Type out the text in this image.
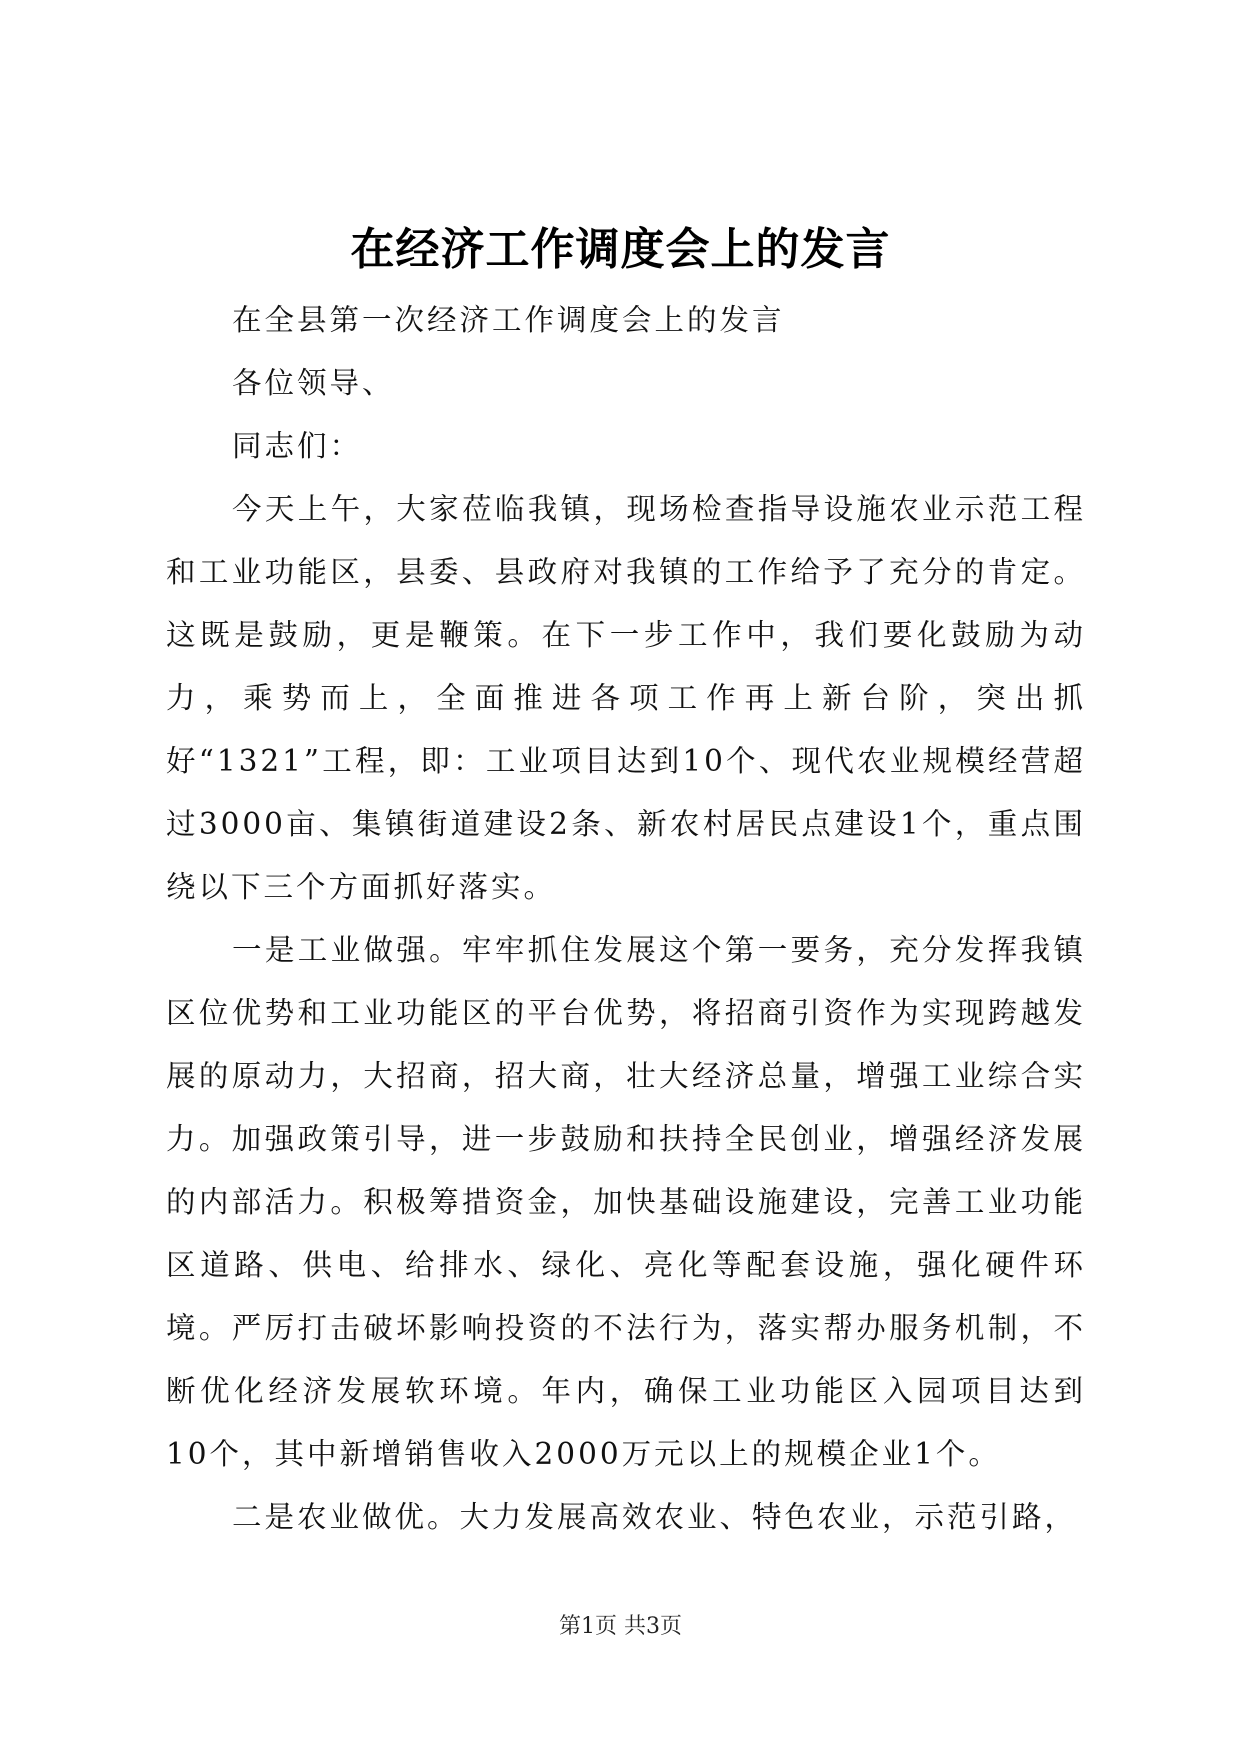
在经济工作调度会上的发言

在全县第一次经济工作调度会上的发言

各位领导、

同志们：

今天上午，大家莅临我镇，现场检查指导设施农业示范工程和工业功能区，县委、县政府对我镇的工作给予了充分的肯定。这既是鼓励，更是鞭策。在下一步工作中，我们要化鼓励为动力，乘势而上，全面推进各项工作再上新台阶，突出抓好“1321”工程，即：工业项目达到10个、现代农业规模经营超过3000亩、集镇街道建设2条、新农村居民点建设1个，重点围绕以下三个方面抓好落实。

一是工业做强。牢牢抓住发展这个第一要务，充分发挥我镇区位优势和工业功能区的平台优势，将招商引资作为实现跨越发展的原动力，大招商，招大商，壮大经济总量，增强工业综合实力。加强政策引导，进一步鼓励和扶持全民创业，增强经济发展的内部活力。积极筹措资金，加快基础设施建设，完善工业功能区道路、供电、给排水、绿化、亮化等配套设施，强化硬件环境。严厉打击破坏影响投资的不法行为，落实帮办服务机制，不断优化经济发展软环境。年内，确保工业功能区入园项目达到10个，其中新增销售收入2000万元以上的规模企业1个。

二是农业做优。大力发展高效农业、特色农业，示范引路，

第1页 共3页
